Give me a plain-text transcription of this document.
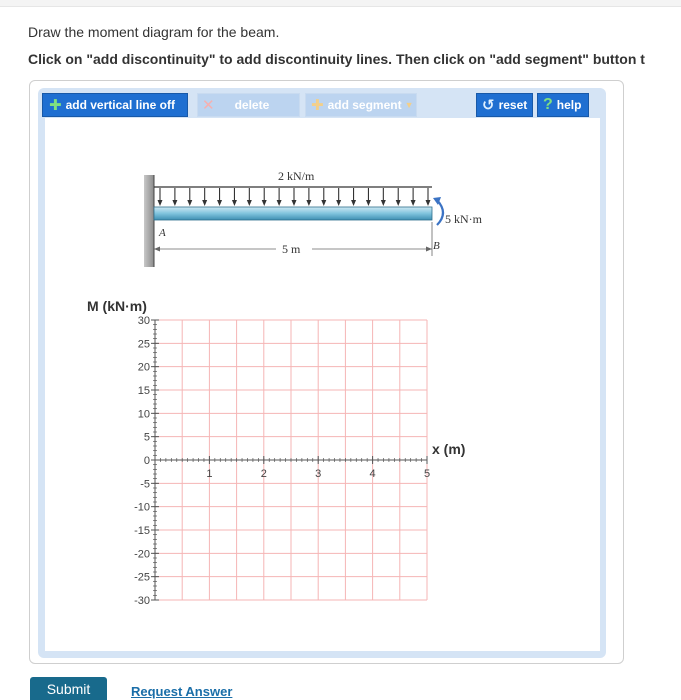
Draw the moment diagram for the beam.
Click on "add discontinuity" to add discontinuity lines. Then click on "add segment" button t
✚ add vertical line off ✕ delete	✚ add segment ▼	↺ reset ? help
2 kN/m
5 kN·m
5 m
A
B
30
25
20
15
10
5
0
-5
-10
-15
-20
-25
-30
1	2	3	4	5
M (kN·m)
x (m)
Submit	Request Answer
